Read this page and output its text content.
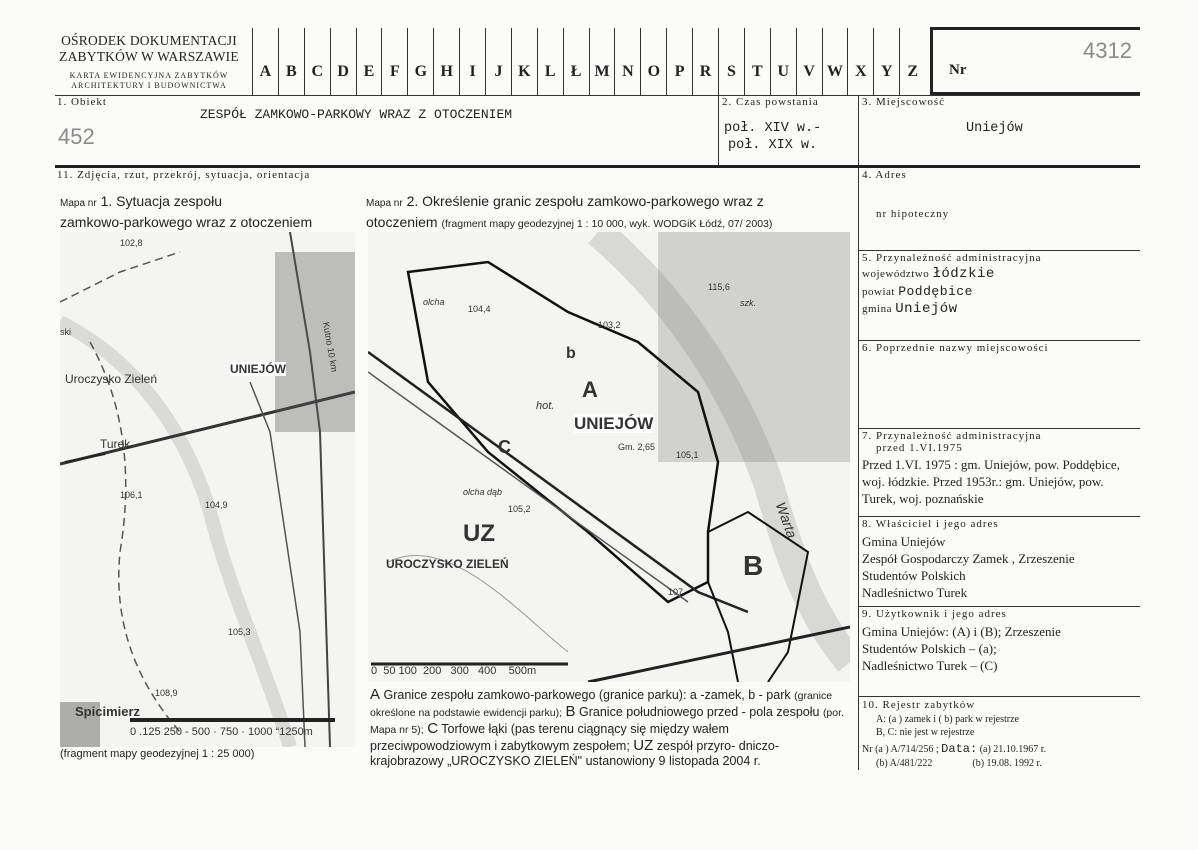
OŚRODEK DOKUMENTACJI
ZABYTKÓW W WARSZAWIE
KARTA EWIDENCYJNA ZABYTKÓW
ARCHITEKTURY I BUDOWNICTWA
A B C D E F G H	I	J K L Ł M N O P R S	T U V W X Y Z	Nr
4312
1. Obiekt
ZESPÓŁ ZAMKOWO-PARKOWY WRAZ Z OTOCZENIEM
452
2. Czas powstania
poł. XIV w.-
poł. XIX w.
3. Miejscowość
Uniejów
11. Zdjęcia, rzut, przekrój, sytuacja, orientacja	4. Adres
nr hipoteczny
5. Przynależność administracyjna
województwo łódzkie
powiat Poddębice
gmina Uniejów
6. Poprzednie nazwy miejscowości
7. Przynależność administracyjna
przed 1.VI.1975
Przed 1.VI. 1975 : gm. Uniejów, pow. Poddębice, woj. łódzkie. Przed 1953r.: gm. Uniejów, pow. Turek, woj. poznańskie
8. Właściciel i jego adres
Gmina Uniejów
Zespół Gospodarczy Zamek , Zrzeszenie
Studentów Polskich
Nadleśnictwo Turek
9. Użytkownik i jego adres
Gmina Uniejów: (A) i (B); Zrzeszenie
Studentów Polskich – (a);
Nadleśnictwo Turek – (C)
10. Rejestr zabytków
A: (a ) zamek i ( b) park w rejestrze
B, C: nie jest w rejestrze
Nr (a ) A/714/256 ; Data: (a) 21.10.1967 r.
(b) A/481/222	(b) 19.08. 1992 r.
Mapa nr 1. Sytuacja zespołu
zamkowo-parkowego wraz z otoczeniem
102,8
ski
Uroczysko Zieleń
UNIEJÓW	Kutno 10 km
Turek
106,1
104,9
105,3
108,9
Spicimierz
0 .125 250 - 500 · 750 · 1000 “1250m
(fragment mapy geodezyjnej 1 : 25 000)
Mapa nr 2. Określenie granic zespołu zamkowo-parkowego wraz z
otoczeniem (fragment mapy geodezyjnej 1 : 10 000, wyk. WODGiK Łódź, 07/ 2003)
olcha
104,4
103,2
b
A
hot.
UNIEJÓW
Gm. 2,65
C	105,1
UZ
UROCZYSKO ZIELEŃ	B
Warta
olcha dąb
105,2
115,6
szk.
107
0  50 100  200   300   400    500m
A Granice zespołu zamkowo-parkowego (granice parku): a -zamek, b - park (granice określone na podstawie ewidencji parku); B Granice południowego przed - pola zespołu (por. Mapa nr 5); C Torfowe łąki (pas terenu ciągnący się między wałem przeciwpowodziowym i zabytkowym zespołem; UZ zespół przyro- dniczo-krajobrazowy „UROCZYSKO ZIELEŃ" ustanowiony 9 listopada 2004 r.
